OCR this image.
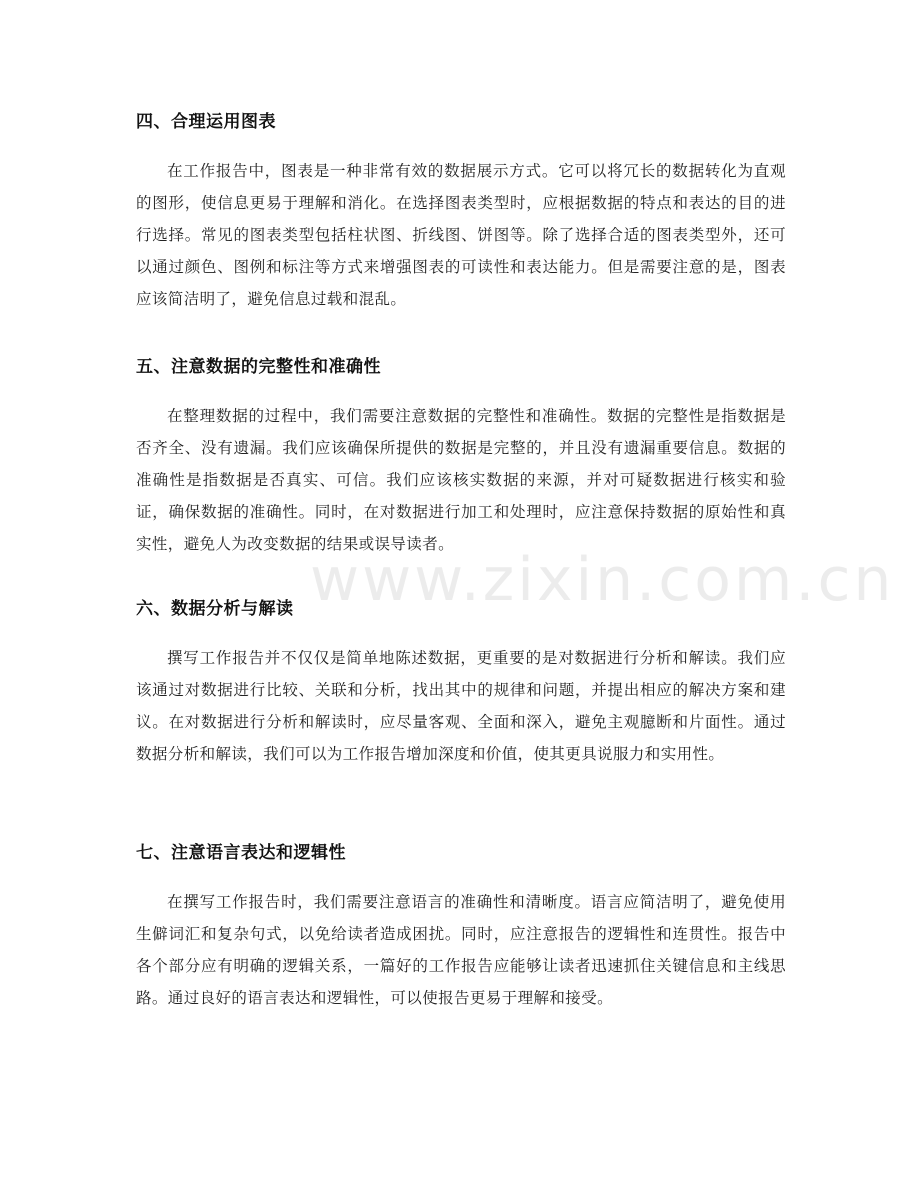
四、合理运用图表

在工作报告中，图表是一种非常有效的数据展示方式。它可以将冗长的数据转化为直观的图形，使信息更易于理解和消化。在选择图表类型时，应根据数据的特点和表达的目的进行选择。常见的图表类型包括柱状图、折线图、饼图等。除了选择合适的图表类型外，还可以通过颜色、图例和标注等方式来增强图表的可读性和表达能力。但是需要注意的是，图表应该简洁明了，避免信息过载和混乱。

五、注意数据的完整性和准确性

在整理数据的过程中，我们需要注意数据的完整性和准确性。数据的完整性是指数据是否齐全、没有遗漏。我们应该确保所提供的数据是完整的，并且没有遗漏重要信息。数据的准确性是指数据是否真实、可信。我们应该核实数据的来源，并对可疑数据进行核实和验证，确保数据的准确性。同时，在对数据进行加工和处理时，应注意保持数据的原始性和真实性，避免人为改变数据的结果或误导读者。

六、数据分析与解读

撰写工作报告并不仅仅是简单地陈述数据，更重要的是对数据进行分析和解读。我们应该通过对数据进行比较、关联和分析，找出其中的规律和问题，并提出相应的解决方案和建议。在对数据进行分析和解读时，应尽量客观、全面和深入，避免主观臆断和片面性。通过数据分析和解读，我们可以为工作报告增加深度和价值，使其更具说服力和实用性。

七、注意语言表达和逻辑性

在撰写工作报告时，我们需要注意语言的准确性和清晰度。语言应简洁明了，避免使用生僻词汇和复杂句式，以免给读者造成困扰。同时，应注意报告的逻辑性和连贯性。报告中各个部分应有明确的逻辑关系，一篇好的工作报告应能够让读者迅速抓住关键信息和主线思路。通过良好的语言表达和逻辑性，可以使报告更易于理解和接受。

www.zixin.com.cn
